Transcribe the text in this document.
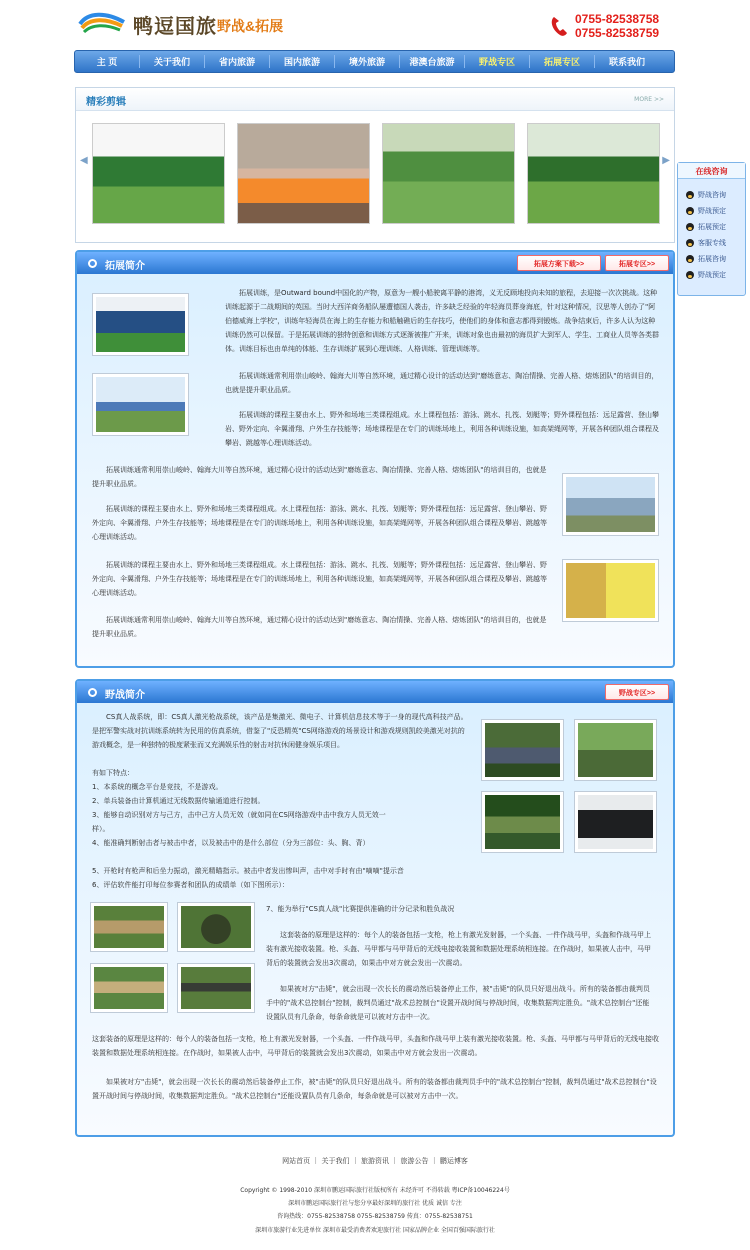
鸭逗国旅 野战&拓展	0755-82538758
0755-82538759
主 页	关于我们	省内旅游	国内旅游	境外旅游	港澳台旅游	野战专区	拓展专区	联系我们
精彩剪辑	MORE >>
◀	▶
在线咨询
野战咨询
野战预定
拓展预定
客服专线
拓展咨询
野战预定
拓展简介	拓展方案下载>>	拓展专区>>
拓展训练，是Outward bound中国化的产物，原意为一艘小船驶离平静的港湾，义无反顾地投向未知的旅程，去迎接一次次挑战。这种训练起源于二战期间的英国。当时大西洋商务船队屡遭德国人袭击，许多缺乏经验的年轻海员葬身海底，针对这种情况，汉思等人创办了"阿伯德威海上学校"，训练年轻海员在海上的生存能力和船触礁后的生存技巧，使他们的身体和意志都得到锻炼。战争结束后，许多人认为这种训练仍然可以保留。于是拓展训练的独特创意和训练方式逐渐被推广开来，训练对象也由最初的海员扩大到军人、学生、工商业人员等各类群体。训练目标也由单纯的体能、生存训练扩展到心理训练、人格训练、管理训练等。
拓展训练通常利用崇山峻岭、翰海大川等自然环境，通过精心设计的活动达到"磨练意志、陶冶情操、完善人格、熔炼团队"的培训目的，也就是提升职业品质。
拓展训练的课程主要由水上、野外和场地三类课程组成。水上课程包括：游泳、跳水、扎筏、划艇等；野外课程包括：远足露营、登山攀岩、野外定向、伞翼滑翔、户外生存技能等；场地课程是在专门的训练场地上，利用各种训练设施，如高架绳网等，开展各种团队组合课程及攀岩、跳越等心理训练活动。
拓展训练通常利用崇山峻岭、翰海大川等自然环境，通过精心设计的活动达到"磨练意志、陶冶情操、完善人格、熔炼团队"的培训目的，也就是提升职业品质。
拓展训练的课程主要由水上、野外和场地三类课程组成。水上课程包括：游泳、跳水、扎筏、划艇等；野外课程包括：远足露营、登山攀岩、野外定向、伞翼滑翔、户外生存技能等；场地课程是在专门的训练场地上，利用各种训练设施，如高架绳网等，开展各种团队组合课程及攀岩、跳越等心理训练活动。
拓展训练的课程主要由水上、野外和场地三类课程组成。水上课程包括：游泳、跳水、扎筏、划艇等；野外课程包括：远足露营、登山攀岩、野外定向、伞翼滑翔、户外生存技能等；场地课程是在专门的训练场地上，利用各种训练设施，如高架绳网等，开展各种团队组合课程及攀岩、跳越等心理训练活动。
拓展训练通常利用崇山峻岭、翰海大川等自然环境，通过精心设计的活动达到"磨练意志、陶冶情操、完善人格、熔炼团队"的培训目的，也就是提升职业品质。
野战简介	野战专区>>
CS真人战系统，即：CS真人激光枪战系统，该产品是集激光、微电子、计算机信息技术等于一身的现代高科技产品。是把军警实战对抗训练系统转为民用的仿真系统，借鉴了"反恐精英"CS网络游戏的场景设计和游戏规则凯皎美激光对抗的游戏概念，是一种独特的极度紧张而又充满娱乐性的射击对抗休闲健身娱乐项目。
有如下特点：
1、本系统的概念平台是竞技，不是游戏。
2、单兵装备由计算机通过无线数据传输通道进行控制。
3、能够自动识别对方与己方，击中己方人员无效（就如同在CS网络游戏中击中我方人员无效一样）。
4、能准确判断射击者与被击中者，以及被击中的是什么部位（分为三部位：头、胸、背）
5、开枪时有枪声和后坐力振动，激光精瞄指示。被击中者发出惨叫声，击中对手时有由"嘀嘀"提示音
6、评估软件能打印每位参赛者和团队的成绩单（如下图所示）：
7、能为举行"CS真人战"比赛提供准确的计分记录和胜负战况
这套装备的原理是这样的：每个人的装备包括一支枪，枪上有激光发射器，一个头盔、一件作战马甲，头盔和作战马甲上装有激光接收装置。枪、头盔、马甲都与马甲背后的无线电接收装置和数据处理系统相连接。在作战时，如果被人击中，马甲背后的装置就会发出3次震动，如果击中对方就会发出一次震动。
如果被对方"击毙"，就会出现一次长长的震动然后装备停止工作，被"击毙"的队员只好退出战斗。所有的装备都由裁判员手中的"战术总控制台"控制，裁判员通过"战术总控制台"设置开战时间与停战时间，收集数据判定胜负。"战术总控制台"还能设置队员有几条命，每条命就是可以被对方击中一次。
这套装备的原理是这样的：每个人的装备包括一支枪，枪上有激光发射器，一个头盔、一件作战马甲，头盔和作战马甲上装有激光接收装置。枪、头盔、马甲都与马甲背后的无线电接收装置和数据处理系统相连接。在作战时，如果被人击中，马甲背后的装置就会发出3次震动，如果击中对方就会发出一次震动。
如果被对方"击毙"，就会出现一次长长的震动然后装备停止工作，被"击毙"的队员只好退出战斗。所有的装备都由裁判员手中的"战术总控制台"控制，裁判员通过"战术总控制台"设置开战时间与停战时间，收集数据判定胜负。"战术总控制台"还能设置队员有几条命，每条命就是可以被对方击中一次。
网站首页 ｜ 关于我们 ｜ 旅游资讯 ｜ 旅游公告 ｜ 鹏运博客
Copyright © 1998-2010 深圳市鹏运国际旅行社版权所有 未经许可 不得转载 粤ICP备10046224号
深圳市鹏运国际旅行社与您分享最好深圳的旅行社 优质 诚信 专注
咨询热线：0755-82538758 0755-82538759 传真：0755-82538751
深圳市旅游行业先进单位 深圳市最受消费者欢迎旅行社 国家品牌企业 全国百强国际旅行社
